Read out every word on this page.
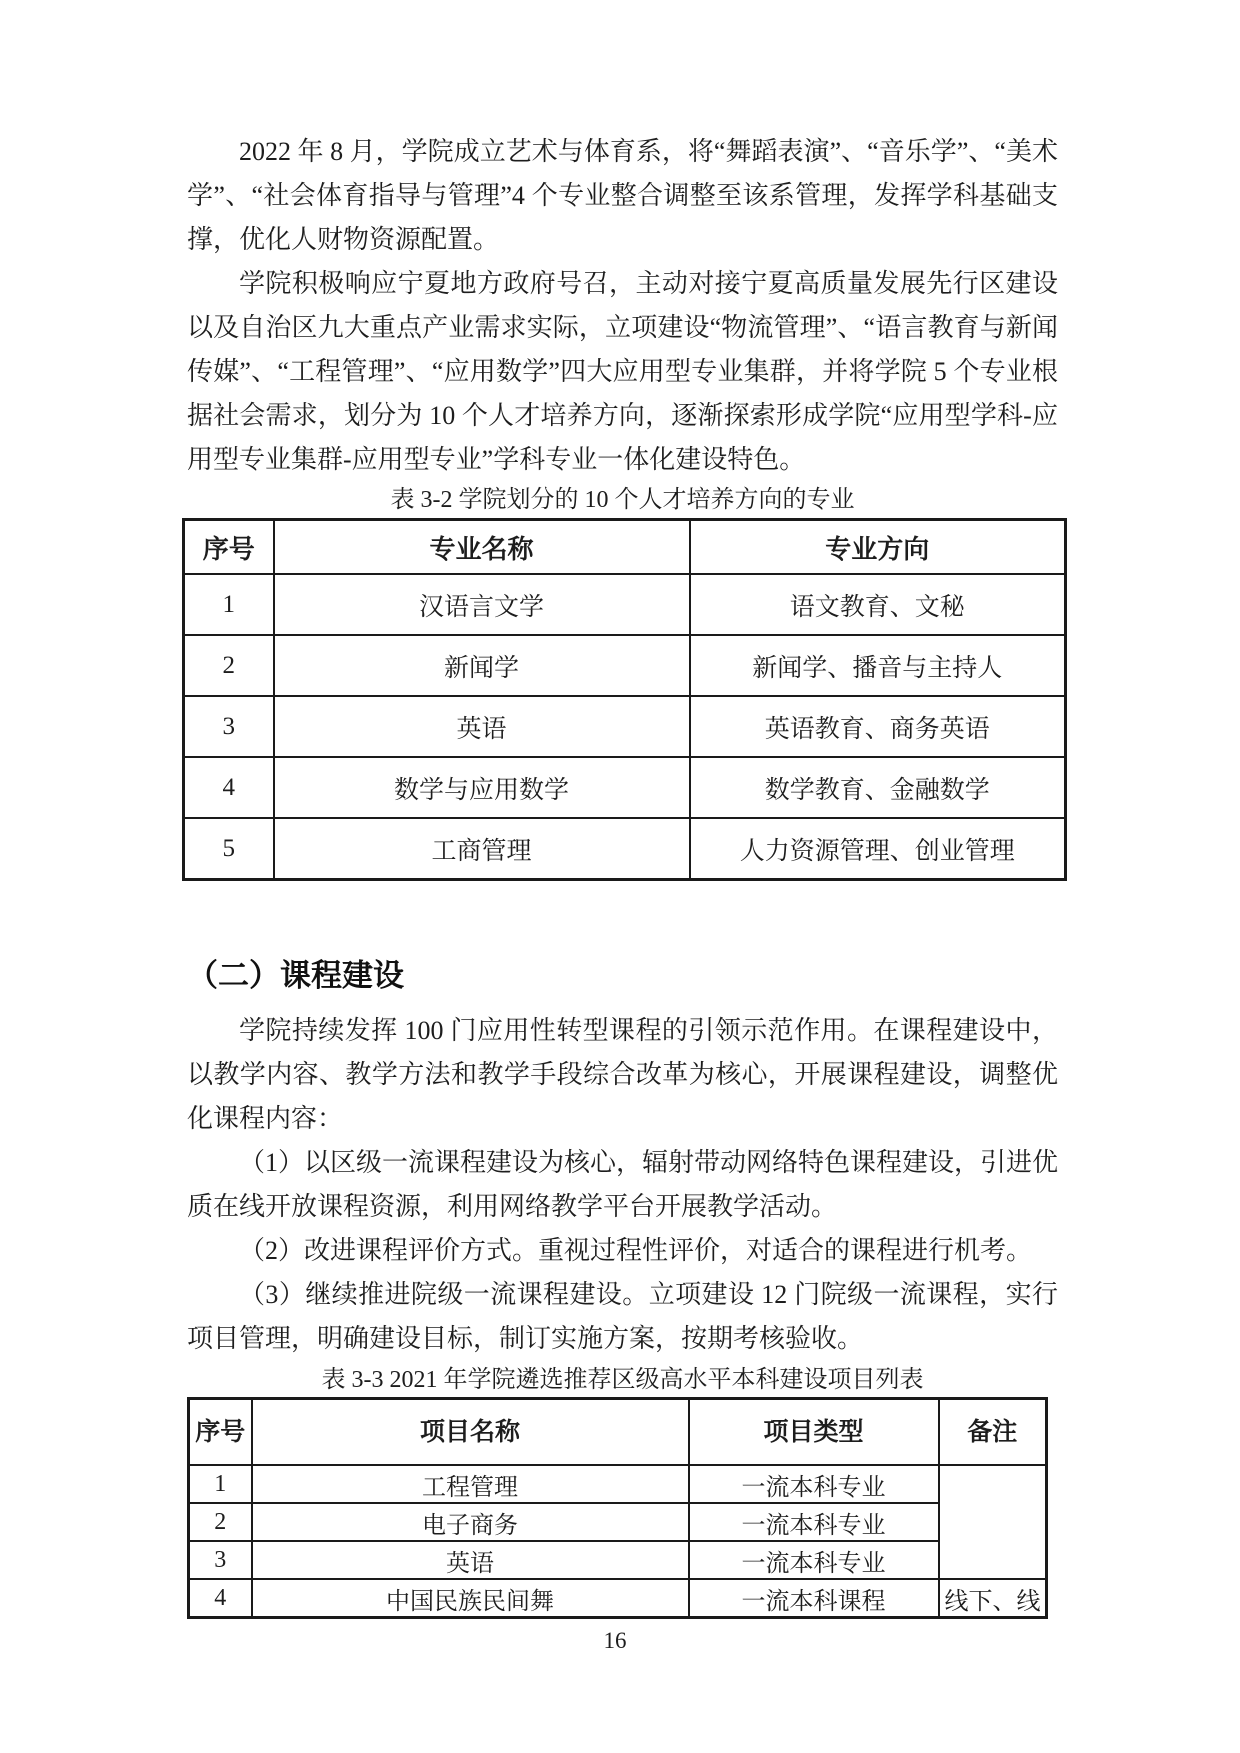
2022 年 8 月，学院成立艺术与体育系，将“舞蹈表演”、“音乐学”、“美术学”、“社会体育指导与管理”4 个专业整合调整至该系管理，发挥学科基础支撑，优化人财物资源配置。

学院积极响应宁夏地方政府号召，主动对接宁夏高质量发展先行区建设以及自治区九大重点产业需求实际，立项建设“物流管理”、“语言教育与新闻传媒”、“工程管理”、“应用数学”四大应用型专业集群，并将学院 5 个专业根据社会需求，划分为 10 个人才培养方向，逐渐探索形成学院“应用型学科-应用型专业集群-应用型专业”学科专业一体化建设特色。

表 3-2 学院划分的 10 个人才培养方向的专业
序号	专业名称	专业方向
1	汉语言文学	语文教育、文秘
2	新闻学	新闻学、播音与主持人
3	英语	英语教育、商务英语
4	数学与应用数学	数学教育、金融数学
5	工商管理	人力资源管理、创业管理
（二）课程建设

学院持续发挥 100 门应用性转型课程的引领示范作用。在课程建设中，以教学内容、教学方法和教学手段综合改革为核心，开展课程建设，调整优化课程内容：

（1）以区级一流课程建设为核心，辐射带动网络特色课程建设，引进优质在线开放课程资源，利用网络教学平台开展教学活动。

（2）改进课程评价方式。重视过程性评价，对适合的课程进行机考。

（3）继续推进院级一流课程建设。立项建设 12 门院级一流课程，实行项目管理，明确建设目标，制订实施方案，按期考核验收。

表 3-3 2021 年学院遴选推荐区级高水平本科建设项目列表
序号	项目名称	项目类型	备注
1	工程管理	一流本科专业	
2	电子商务	一流本科专业	
3	英语	一流本科专业	
4	中国民族民间舞	一流本科课程	线下、线
16
